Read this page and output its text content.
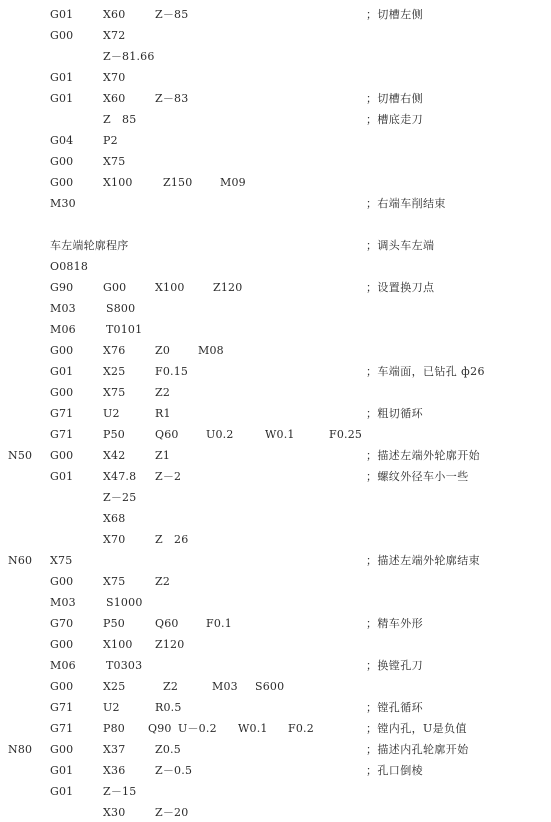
G01	X60	Z－85	；切槽左侧
G00	X72
Z－81.66
G01	X70
G01	X60	Z－83	；切槽右侧
Z　85	；槽底走刀
G04	P2
G00	X75
G00	X100	Z150	M09
M30	；右端车削结束
车左端轮廓程序	；调头车左端
O0818
G90	G00	X100	Z120	；设置换刀点
M03	S800
M06	T0101
G00	X76	Z0	M08
G01	X25	F0.15	；车端面，已钻孔 ф26
G00	X75	Z2
G71	U2	R1	；粗切循环
G71	P50	Q60 U0.2	W0.1	F0.25
N50 G00	X42	Z1	；描述左端外轮廓开始
G01	X47.8 Z－2	；螺纹外径车小一些
Z－25
X68
X70	Z　26
N60 X75	；描述左端外轮廓结束
G00	X75	Z2
M03	S1000
G70	P50	Q60 F0.1	；精车外形
G00	X100 Z120
M06	T0303	；换镗孔刀
G00	X25	Z2	M03 S600
G71	U2	R0.5	；镗孔循环
G71	P80 Q90 U－0.2 W0.1 F0.2	；镗内孔，U是负值
N80 G00	X37	Z0.5	；描述内孔轮廓开始
G01	X36	Z－0.5	；孔口倒棱
G01	Z－15
X30	Z－20
